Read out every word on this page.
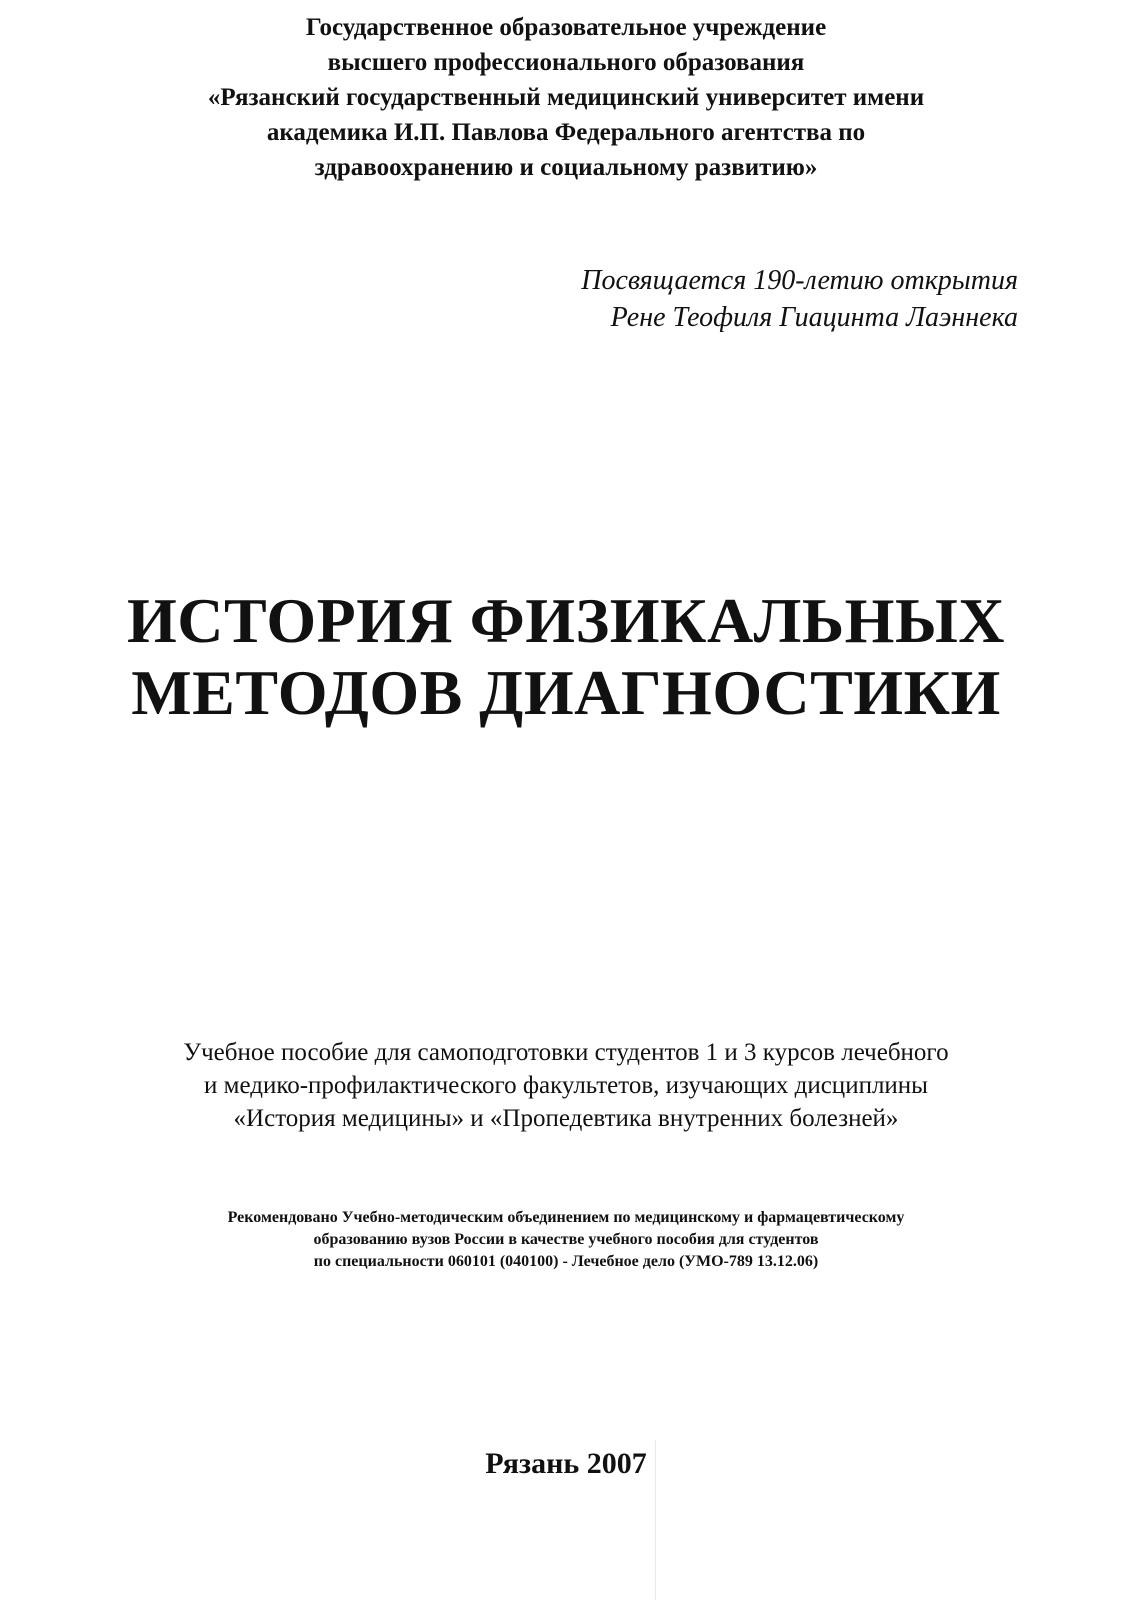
Государственное образовательное учреждение
высшего профессионального образования
«Рязанский государственный медицинский университет имени
академика И.П. Павлова Федерального агентства по
здравоохранению и социальному развитию»
Посвящается 190-летию открытия
Рене Теофиля Гиацинта Лаэннека
ИСТОРИЯ ФИЗИКАЛЬНЫХ
МЕТОДОВ ДИАГНОСТИКИ
Учебное пособие для самоподготовки студентов 1 и 3 курсов лечебного
и медико-профилактического факультетов, изучающих дисциплины
«История медицины» и «Пропедевтика внутренних болезней»
Рекомендовано Учебно-методическим объединением по медицинскому и фармацевтическому
образованию вузов России в качестве учебного пособия для студентов
по специальности 060101 (040100) - Лечебное дело (УМО-789 13.12.06)
Рязань 2007
